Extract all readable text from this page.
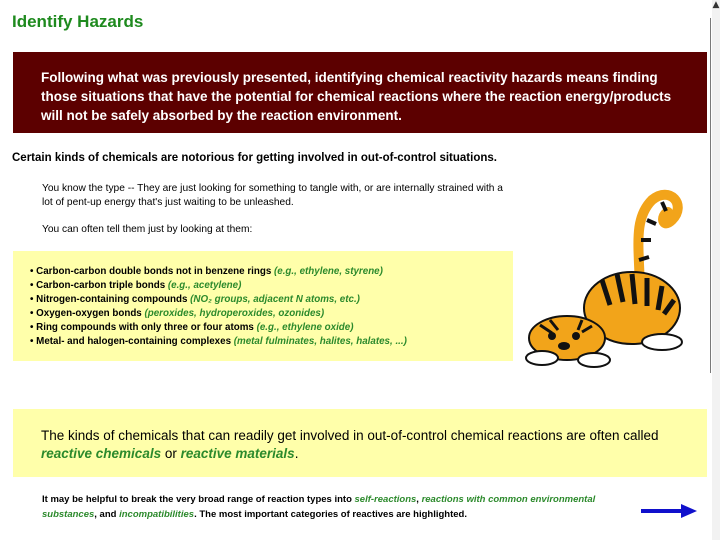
▲
Identify Hazards

Following what was previously presented, identifying chemical reactivity hazards means finding those situations that have the potential for chemical reactions where the reaction energy/products will not be safely absorbed by the reaction environment.

Certain kinds of chemicals are notorious for getting involved in out-of-control situations.
You know the type -- They are just looking for something to tangle with, or are internally strained with a lot of pent-up energy that's just waiting to be unleashed.
You can often tell them just by looking at them:
• Carbon-carbon double bonds not in benzene rings (e.g., ethylene, styrene)
• Carbon-carbon triple bonds (e.g., acetylene)
• Nitrogen-containing compounds (NO₂ groups, adjacent N atoms, etc.)
• Oxygen-oxygen bonds (peroxides, hydroperoxides, ozonides)
• Ring compounds with only three or four atoms (e.g., ethylene oxide)
• Metal- and halogen-containing complexes (metal fulminates, halites, halates, ...)

The kinds of chemicals that can readily get involved in out-of-control chemical reactions are often called reactive chemicals or reactive materials.

It may be helpful to break the very broad range of reaction types into self-reactions, reactions with common environmental substances, and incompatibilities. The most important categories of reactives are highlighted.
